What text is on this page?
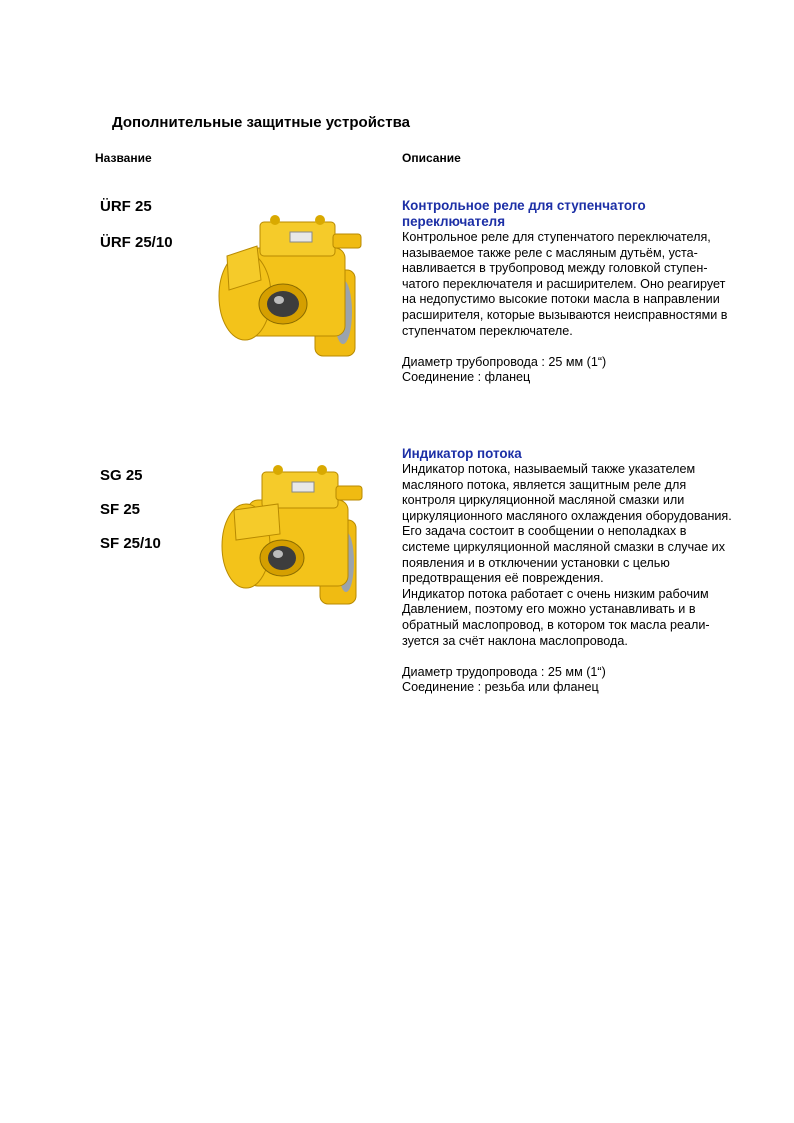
Дополнительные защитные устройства
Название	Описание
ÜRF 25
ÜRF 25/10
Контрольное реле для ступенчатого
переключателя
Контрольное реле для ступенчатого переключателя,
называемое также реле с масляным дутьём, уста-
навливается в трубопровод между головкой ступен-
чатого переключателя и расширителем. Оно реагирует
на недопустимо высокие потоки масла в направлении
расширителя, которые вызываются неисправностями в
ступенчатом переключателе.
Диаметр трубопровода : 25 мм (1“)
Соединение : фланец
SG 25
SF 25
SF 25/10
Индикатор потока
Индикатор потока, называемый также указателем
масляного потока, является защитным реле для
контроля циркуляционной масляной смазки или
циркуляционного масляного охлаждения оборудования.
Его задача состоит в сообщении о неполадках в
системе циркуляционной масляной смазки в случае их
появления и в отключении установки с целью
предотвращения её повреждения.
Индикатор потока работает с очень низким рабочим
Давлением, поэтому его можно устанавливать и в
обратный маслопровод, в котором ток масла реали-
зуется за счёт наклона маслопровода.
Диаметр трудопровода : 25 мм (1“)
Соединение : резьба или фланец
